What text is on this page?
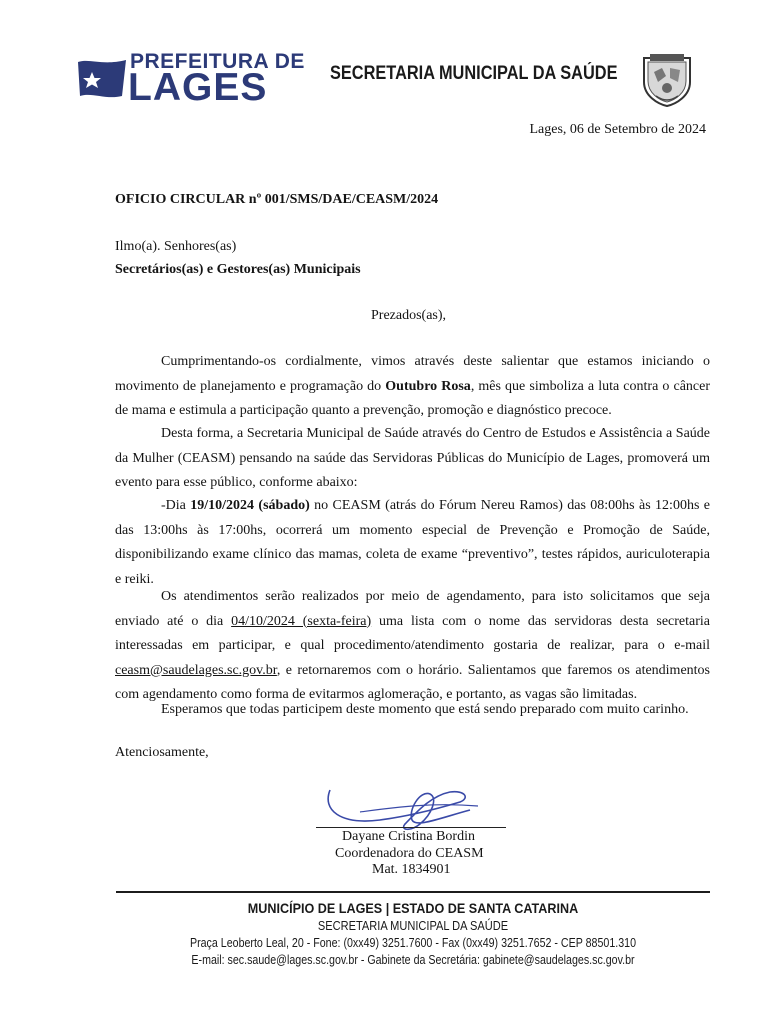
PREFEITURA DE
LAGES	SECRETARIA MUNICIPAL DA SAÚDE
Lages, 06 de Setembro de 2024
OFICIO CIRCULAR nº 001/SMS/DAE/CEASM/2024
Ilmo(a). Senhores(as)
Secretários(as) e Gestores(as) Municipais
Prezados(as),
Cumprimentando-os cordialmente, vimos através deste salientar que estamos iniciando o movimento de planejamento e programação do Outubro Rosa, mês que simboliza a luta contra o câncer de mama e estimula a participação quanto a prevenção, promoção e diagnóstico precoce.
Desta forma, a Secretaria Municipal de Saúde através do Centro de Estudos e Assistência a Saúde da Mulher (CEASM) pensando na saúde das Servidoras Públicas do Município de Lages, promoverá um evento para esse público, conforme abaixo:
-Dia 19/10/2024 (sábado) no CEASM (atrás do Fórum Nereu Ramos) das 08:00hs às 12:00hs e das 13:00hs às 17:00hs, ocorrerá um momento especial de Prevenção e Promoção de Saúde, disponibilizando exame clínico das mamas, coleta de exame “preventivo”, testes rápidos, auriculoterapia e reiki.
Os atendimentos serão realizados por meio de agendamento, para isto solicitamos que seja enviado até o dia 04/10/2024 (sexta-feira) uma lista com o nome das servidoras desta secretaria interessadas em participar, e qual procedimento/atendimento gostaria de realizar, para o e-mail ceasm@saudelages.sc.gov.br, e retornaremos com o horário. Salientamos que faremos os atendimentos com agendamento como forma de evitarmos aglomeração, e portanto, as vagas são limitadas.
Esperamos que todas participem deste momento que está sendo preparado com muito carinho.
Atenciosamente,
Dayane Cristina Bordin
Coordenadora do CEASM
Mat. 1834901
MUNICÍPIO DE LAGES | ESTADO DE SANTA CATARINA
SECRETARIA MUNICIPAL DA SAÚDE
Praça Leoberto Leal, 20 - Fone: (0xx49) 3251.7600 - Fax (0xx49) 3251.7652 - CEP 88501.310
E-mail: sec.saude@lages.sc.gov.br - Gabinete da Secretária: gabinete@saudelages.sc.gov.br
